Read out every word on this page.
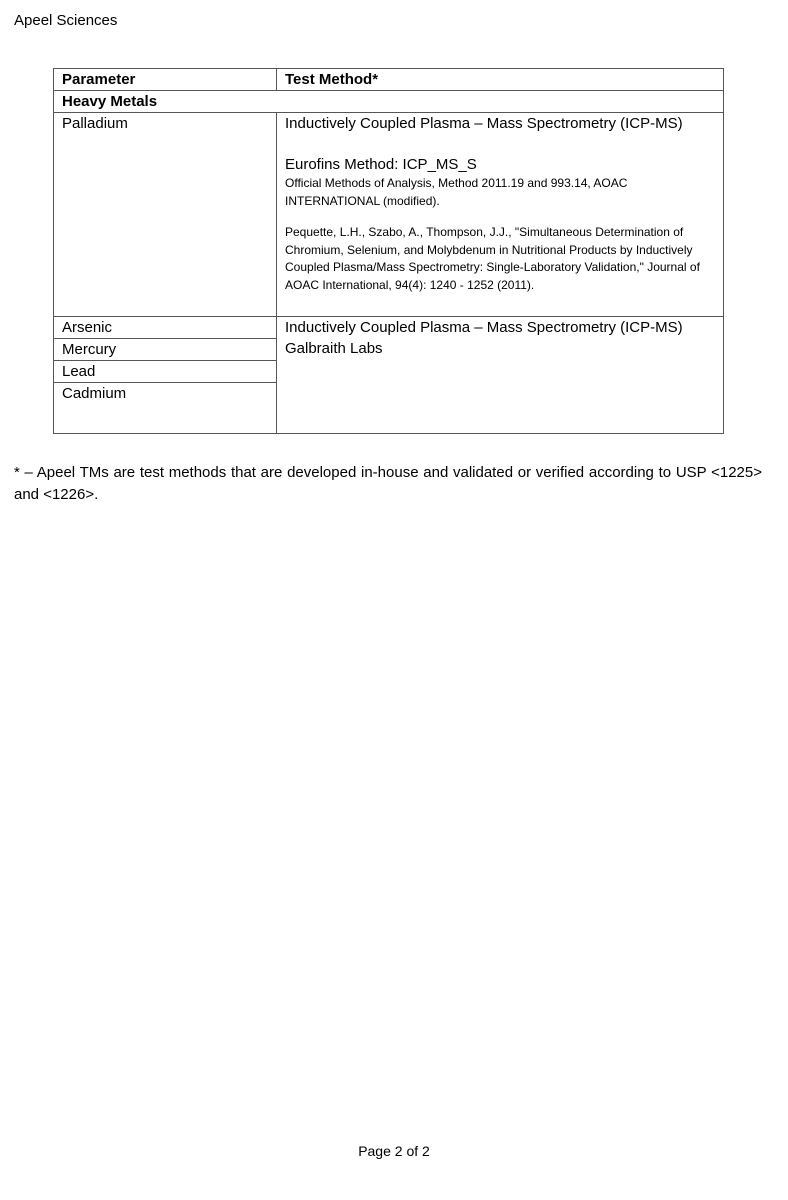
Apeel Sciences
Parameter	Test Method*
Heavy Metals	
Palladium	Inductively Coupled Plasma – Mass Spectrometry (ICP-MS)
Eurofins Method: ICP_MS_S
Official Methods of Analysis, Method 2011.19 and 993.14, AOAC INTERNATIONAL (modified).
Pequette, L.H., Szabo, A., Thompson, J.J., "Simultaneous Determination of Chromium, Selenium, and Molybdenum in Nutritional Products by Inductively Coupled Plasma/Mass Spectrometry: Single-Laboratory Validation," Journal of AOAC International, 94(4): 1240 - 1252 (2011).

Arsenic	Inductively Coupled Plasma – Mass Spectrometry (ICP-MS)
Galbraith Labs

Mercury	
Lead	
Cadmium	
* – Apeel TMs are test methods that are developed in-house and validated or verified according to USP <1225> and <1226>.
Page 2 of 2
